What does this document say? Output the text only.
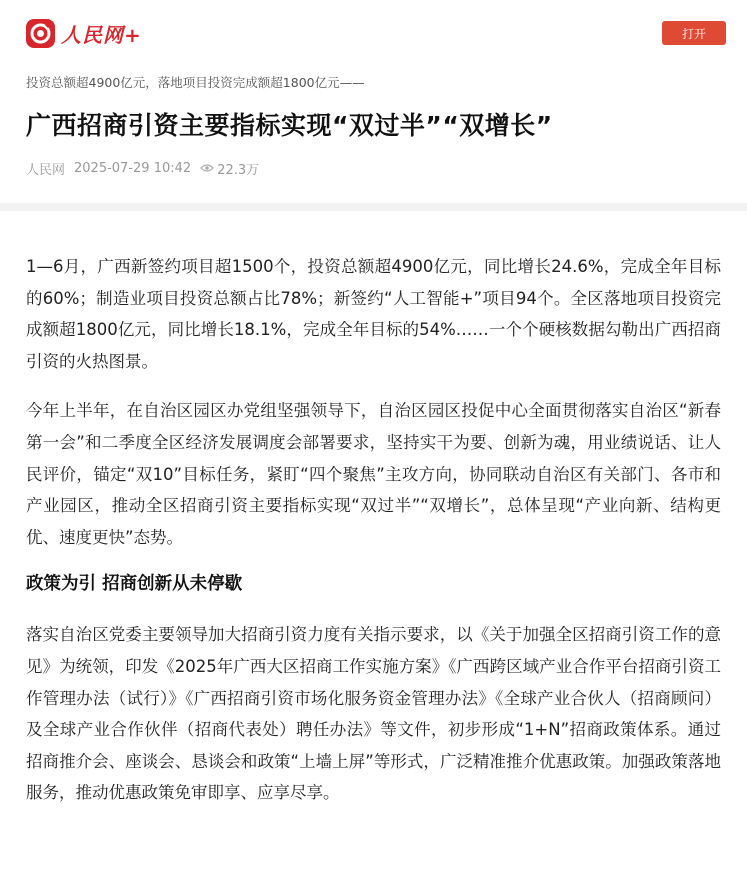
人民网+	打开
投资总额超4900亿元，落地项目投资完成额超1800亿元——
广西招商引资主要指标实现“双过半”“双增长”
人民网 2025-07-29 10:42 22.3万

1—6月，广西新签约项目超1500个，投资总额超4900亿元，同比增长24.6%，完成全年目标的60%；制造业项目投资总额占比78%；新签约“人工智能+”项目94个。全区落地项目投资完成额超1800亿元，同比增长18.1%，完成全年目标的54%……一个个硬核数据勾勒出广西招商引资的火热图景。

今年上半年，在自治区园区办党组坚强领导下，自治区园区投促中心全面贯彻落实自治区“新春第一会”和二季度全区经济发展调度会部署要求，坚持实干为要、创新为魂，用业绩说话、让人民评价，锚定“双10”目标任务，紧盯“四个聚焦”主攻方向，协同联动自治区有关部门、各市和产业园区，推动全区招商引资主要指标实现“双过半”“双增长”，总体呈现“产业向新、结构更优、速度更快”态势。

政策为引 招商创新从未停歇

落实自治区党委主要领导加大招商引资力度有关指示要求，以《关于加强全区招商引资工作的意见》为统领，印发《2025年广西大区招商工作实施方案》《广西跨区域产业合作平台招商引资工作管理办法（试行）》《广西招商引资市场化服务资金管理办法》《全球产业合伙人（招商顾问）及全球产业合作伙伴（招商代表处）聘任办法》等文件，初步形成“1+N”招商政策体系。通过招商推介会、座谈会、恳谈会和政策“上墙上屏”等形式，广泛精准推介优惠政策。加强政策落地服务，推动优惠政策免审即享、应享尽享。
